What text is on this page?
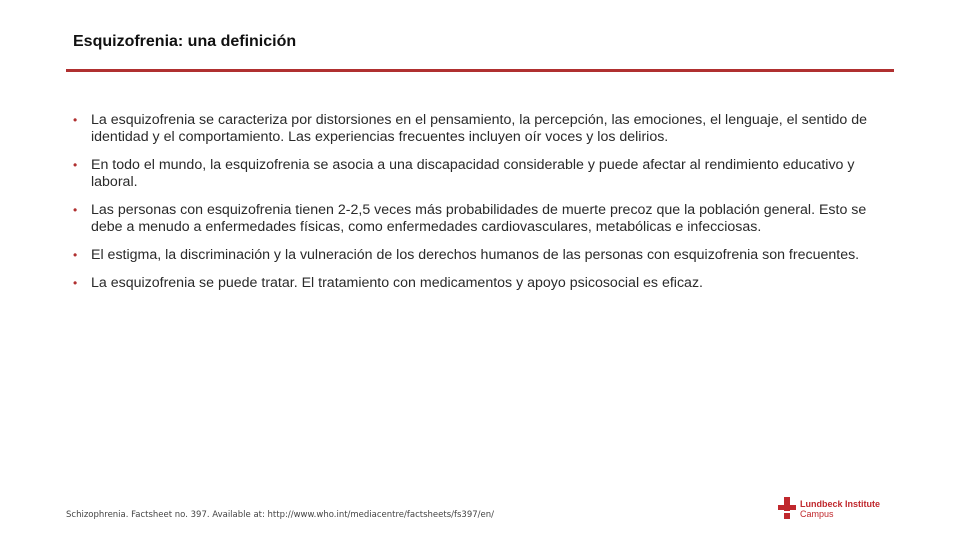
Esquizofrenia: una definición
• La esquizofrenia se caracteriza por distorsiones en el pensamiento, la percepción, las emociones, el lenguaje, el sentido de identidad y el comportamiento. Las experiencias frecuentes incluyen oír voces y los delirios.
• En todo el mundo, la esquizofrenia se asocia a una discapacidad considerable y puede afectar al rendimiento educativo y laboral.
• Las personas con esquizofrenia tienen 2-2,5 veces más probabilidades de muerte precoz que la población general. Esto se debe a menudo a enfermedades físicas, como enfermedades cardiovasculares, metabólicas e infecciosas.
• El estigma, la discriminación y la vulneración de los derechos humanos de las personas con esquizofrenia son frecuentes.
• La esquizofrenia se puede tratar. El tratamiento con medicamentos y apoyo psicosocial es eficaz.
Schizophrenia. Factsheet no. 397. Available at: http://www.who.int/mediacentre/factsheets/fs397/en/
Lundbeck Institute
Campus
